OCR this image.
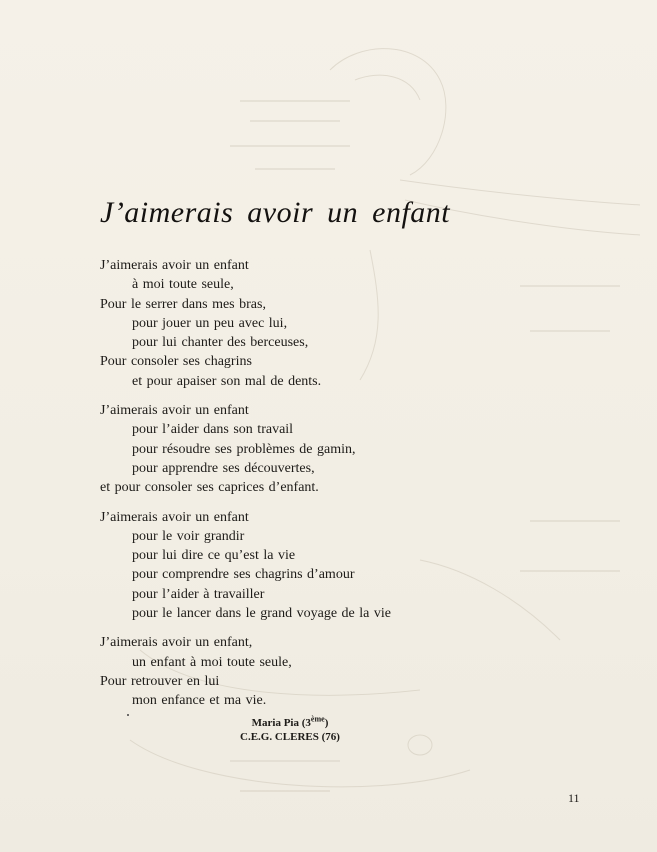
J’aimerais avoir un enfant
J’aimerais avoir un enfant
à moi toute seule,
Pour le serrer dans mes bras,
pour jouer un peu avec lui,
pour lui chanter des berceuses,
Pour consoler ses chagrins
et pour apaiser son mal de dents.
J’aimerais avoir un enfant
pour l’aider dans son travail
pour résoudre ses problèmes de gamin,
pour apprendre ses découvertes,
et pour consoler ses caprices d’enfant.
J’aimerais avoir un enfant
pour le voir grandir
pour lui dire ce qu’est la vie
pour comprendre ses chagrins d’amour
pour l’aider à travailler
pour le lancer dans le grand voyage de la vie
J’aimerais avoir un enfant,
un enfant à moi toute seule,
Pour retrouver en lui
mon enfance et ma vie.
Maria Pia (3ème)
C.E.G. CLERES (76)
11
